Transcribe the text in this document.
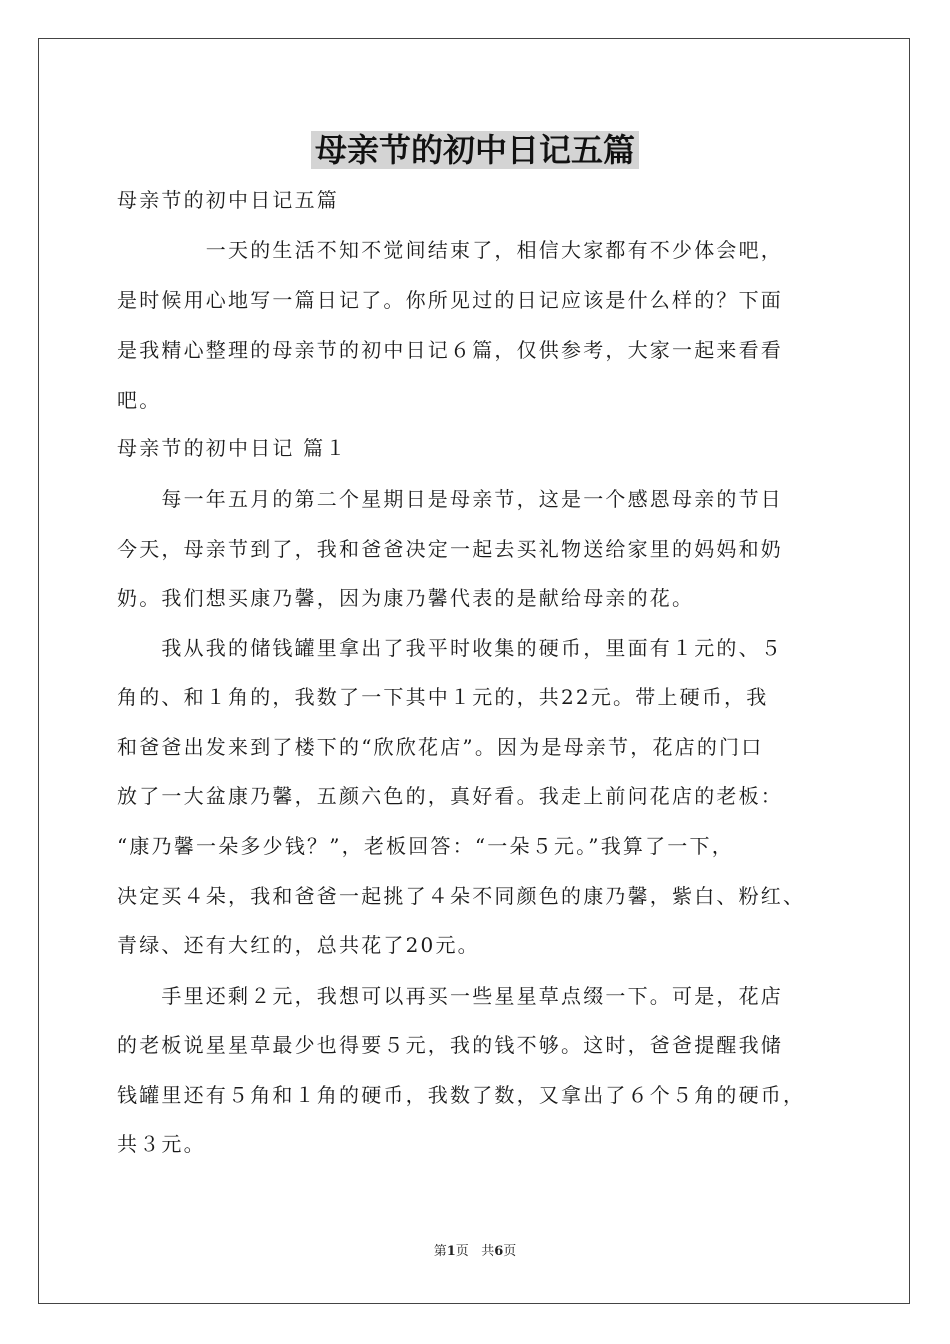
母亲节的初中日记五篇
母亲节的初中日记五篇
　　　　一天的生活不知不觉间结束了，相信大家都有不少体会吧，
是时候用心地写一篇日记了。你所见过的日记应该是什么样的？下面
是我精心整理的母亲节的初中日记６篇，仅供参考，大家一起来看看
吧。
母亲节的初中日记 篇１
　　每一年五月的第二个星期日是母亲节，这是一个感恩母亲的节日
今天，母亲节到了，我和爸爸决定一起去买礼物送给家里的妈妈和奶
奶。我们想买康乃馨，因为康乃馨代表的是献给母亲的花。
　　我从我的储钱罐里拿出了我平时收集的硬币，里面有１元的、５
角的、和１角的，我数了一下其中１元的，共22元。带上硬币，我
和爸爸出发来到了楼下的“欣欣花店”。因为是母亲节，花店的门口
放了一大盆康乃馨，五颜六色的，真好看。我走上前问花店的老板：
“康乃馨一朵多少钱？”，老板回答：“一朵５元。”我算了一下，
决定买４朵，我和爸爸一起挑了４朵不同颜色的康乃馨，紫白、粉红、
青绿、还有大红的，总共花了20元。
　　手里还剩２元，我想可以再买一些星星草点缀一下。可是，花店
的老板说星星草最少也得要５元，我的钱不够。这时，爸爸提醒我储
钱罐里还有５角和１角的硬币，我数了数，又拿出了６个５角的硬币，
共３元。
第1页 共6页
